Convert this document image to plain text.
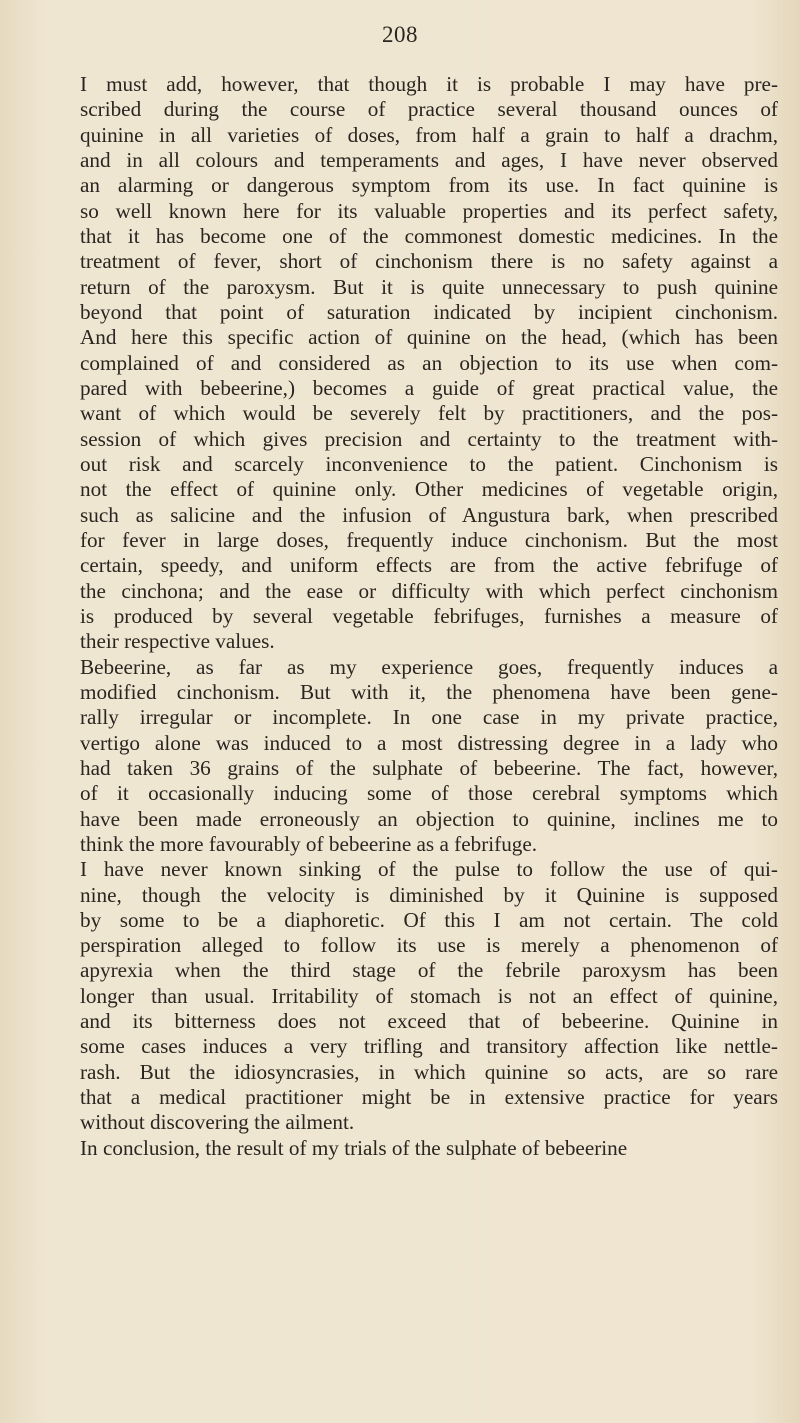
208
I must add, however, that though it is probable I may have pre-
scribed during the course of practice several thousand ounces of
quinine in all varieties of doses, from half a grain to half a drachm,
and in all colours and temperaments and ages, I have never observed
an alarming or dangerous symptom from its use. In fact quinine is
so well known here for its valuable properties and its perfect safety,
that it has become one of the commonest domestic medicines. In the
treatment of fever, short of cinchonism there is no safety against a
return of the paroxysm. But it is quite unnecessary to push quinine
beyond that point of saturation indicated by incipient cinchonism.
And here this specific action of quinine on the head, (which has been
complained of and considered as an objection to its use when com-
pared with bebeerine,) becomes a guide of great practical value, the
want of which would be severely felt by practitioners, and the pos-
session of which gives precision and certainty to the treatment with-
out risk and scarcely inconvenience to the patient. Cinchonism is
not the effect of quinine only. Other medicines of vegetable origin,
such as salicine and the infusion of Angustura bark, when prescribed
for fever in large doses, frequently induce cinchonism. But the most
certain, speedy, and uniform effects are from the active febrifuge of
the cinchona; and the ease or difficulty with which perfect cinchonism
is produced by several vegetable febrifuges, furnishes a measure of
their respective values.
Bebeerine, as far as my experience goes, frequently induces a
modified cinchonism. But with it, the phenomena have been gene-
rally irregular or incomplete. In one case in my private practice,
vertigo alone was induced to a most distressing degree in a lady who
had taken 36 grains of the sulphate of bebeerine. The fact, however,
of it occasionally inducing some of those cerebral symptoms which
have been made erroneously an objection to quinine, inclines me to
think the more favourably of bebeerine as a febrifuge.
I have never known sinking of the pulse to follow the use of qui-
nine, though the velocity is diminished by it Quinine is supposed
by some to be a diaphoretic. Of this I am not certain. The cold
perspiration alleged to follow its use is merely a phenomenon of
apyrexia when the third stage of the febrile paroxysm has been
longer than usual. Irritability of stomach is not an effect of quinine,
and its bitterness does not exceed that of bebeerine. Quinine in
some cases induces a very trifling and transitory affection like nettle-
rash. But the idiosyncrasies, in which quinine so acts, are so rare
that a medical practitioner might be in extensive practice for years
without discovering the ailment.
In conclusion, the result of my trials of the sulphate of bebeerine
